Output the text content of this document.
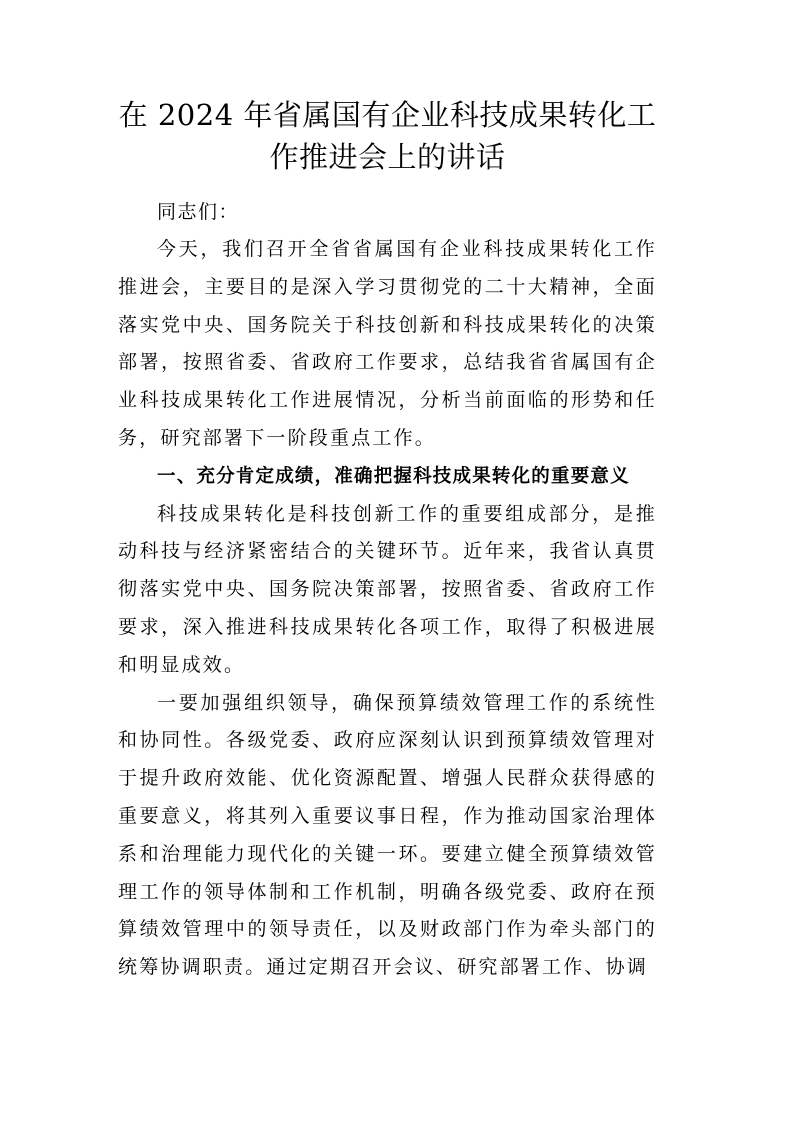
在 2024 年省属国有企业科技成果转化工
作推进会上的讲话

同志们：

今天，我们召开全省省属国有企业科技成果转化工作推进会，主要目的是深入学习贯彻党的二十大精神，全面落实党中央、国务院关于科技创新和科技成果转化的决策部署，按照省委、省政府工作要求，总结我省省属国有企业科技成果转化工作进展情况，分析当前面临的形势和任务，研究部署下一阶段重点工作。

一、充分肯定成绩，准确把握科技成果转化的重要意义

科技成果转化是科技创新工作的重要组成部分，是推动科技与经济紧密结合的关键环节。近年来，我省认真贯彻落实党中央、国务院决策部署，按照省委、省政府工作要求，深入推进科技成果转化各项工作，取得了积极进展和明显成效。

一要加强组织领导，确保预算绩效管理工作的系统性和协同性。各级党委、政府应深刻认识到预算绩效管理对于提升政府效能、优化资源配置、增强人民群众获得感的重要意义，将其列入重要议事日程，作为推动国家治理体系和治理能力现代化的关键一环。要建立健全预算绩效管理工作的领导体制和工作机制，明确各级党委、政府在预算绩效管理中的领导责任，以及财政部门作为牵头部门的统筹协调职责。通过定期召开会议、研究部署工作、协调
